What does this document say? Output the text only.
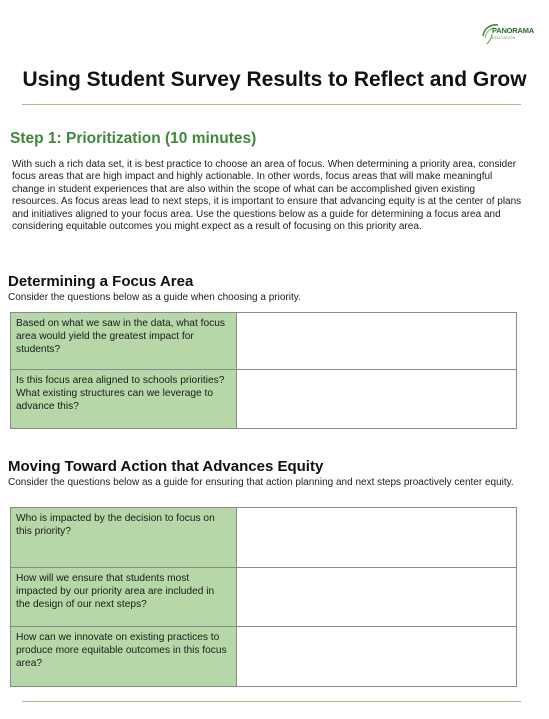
PANORAMA
EDUCATION
Using Student Survey Results to Reflect and Grow
Step 1: Prioritization (10 minutes)
With such a rich data set, it is best practice to choose an area of focus. When determining a priority area, consider focus areas that are high impact and highly actionable. In other words, focus areas that will make meaningful change in student experiences that are also within the scope of what can be accomplished given existing resources. As focus areas lead to next steps, it is important to ensure that advancing equity is at the center of plans and initiatives aligned to your focus area. Use the questions below as a guide for determining a focus area and considering equitable outcomes you might expect as a result of focusing on this priority area.
Determining a Focus Area
Consider the questions below as a guide when choosing a priority.
Based on what we saw in the data, what focus area would yield the greatest impact for students?	
Is this focus area aligned to schools priorities? What existing structures can we leverage to advance this?	
Moving Toward Action that Advances Equity
Consider the questions below as a guide for ensuring that action planning and next steps proactively center equity.
Who is impacted by the decision to focus on this priority?	
How will we ensure that students most impacted by our priority area are included in the design of our next steps?	
How can we innovate on existing practices to produce more equitable outcomes in this focus area?	
